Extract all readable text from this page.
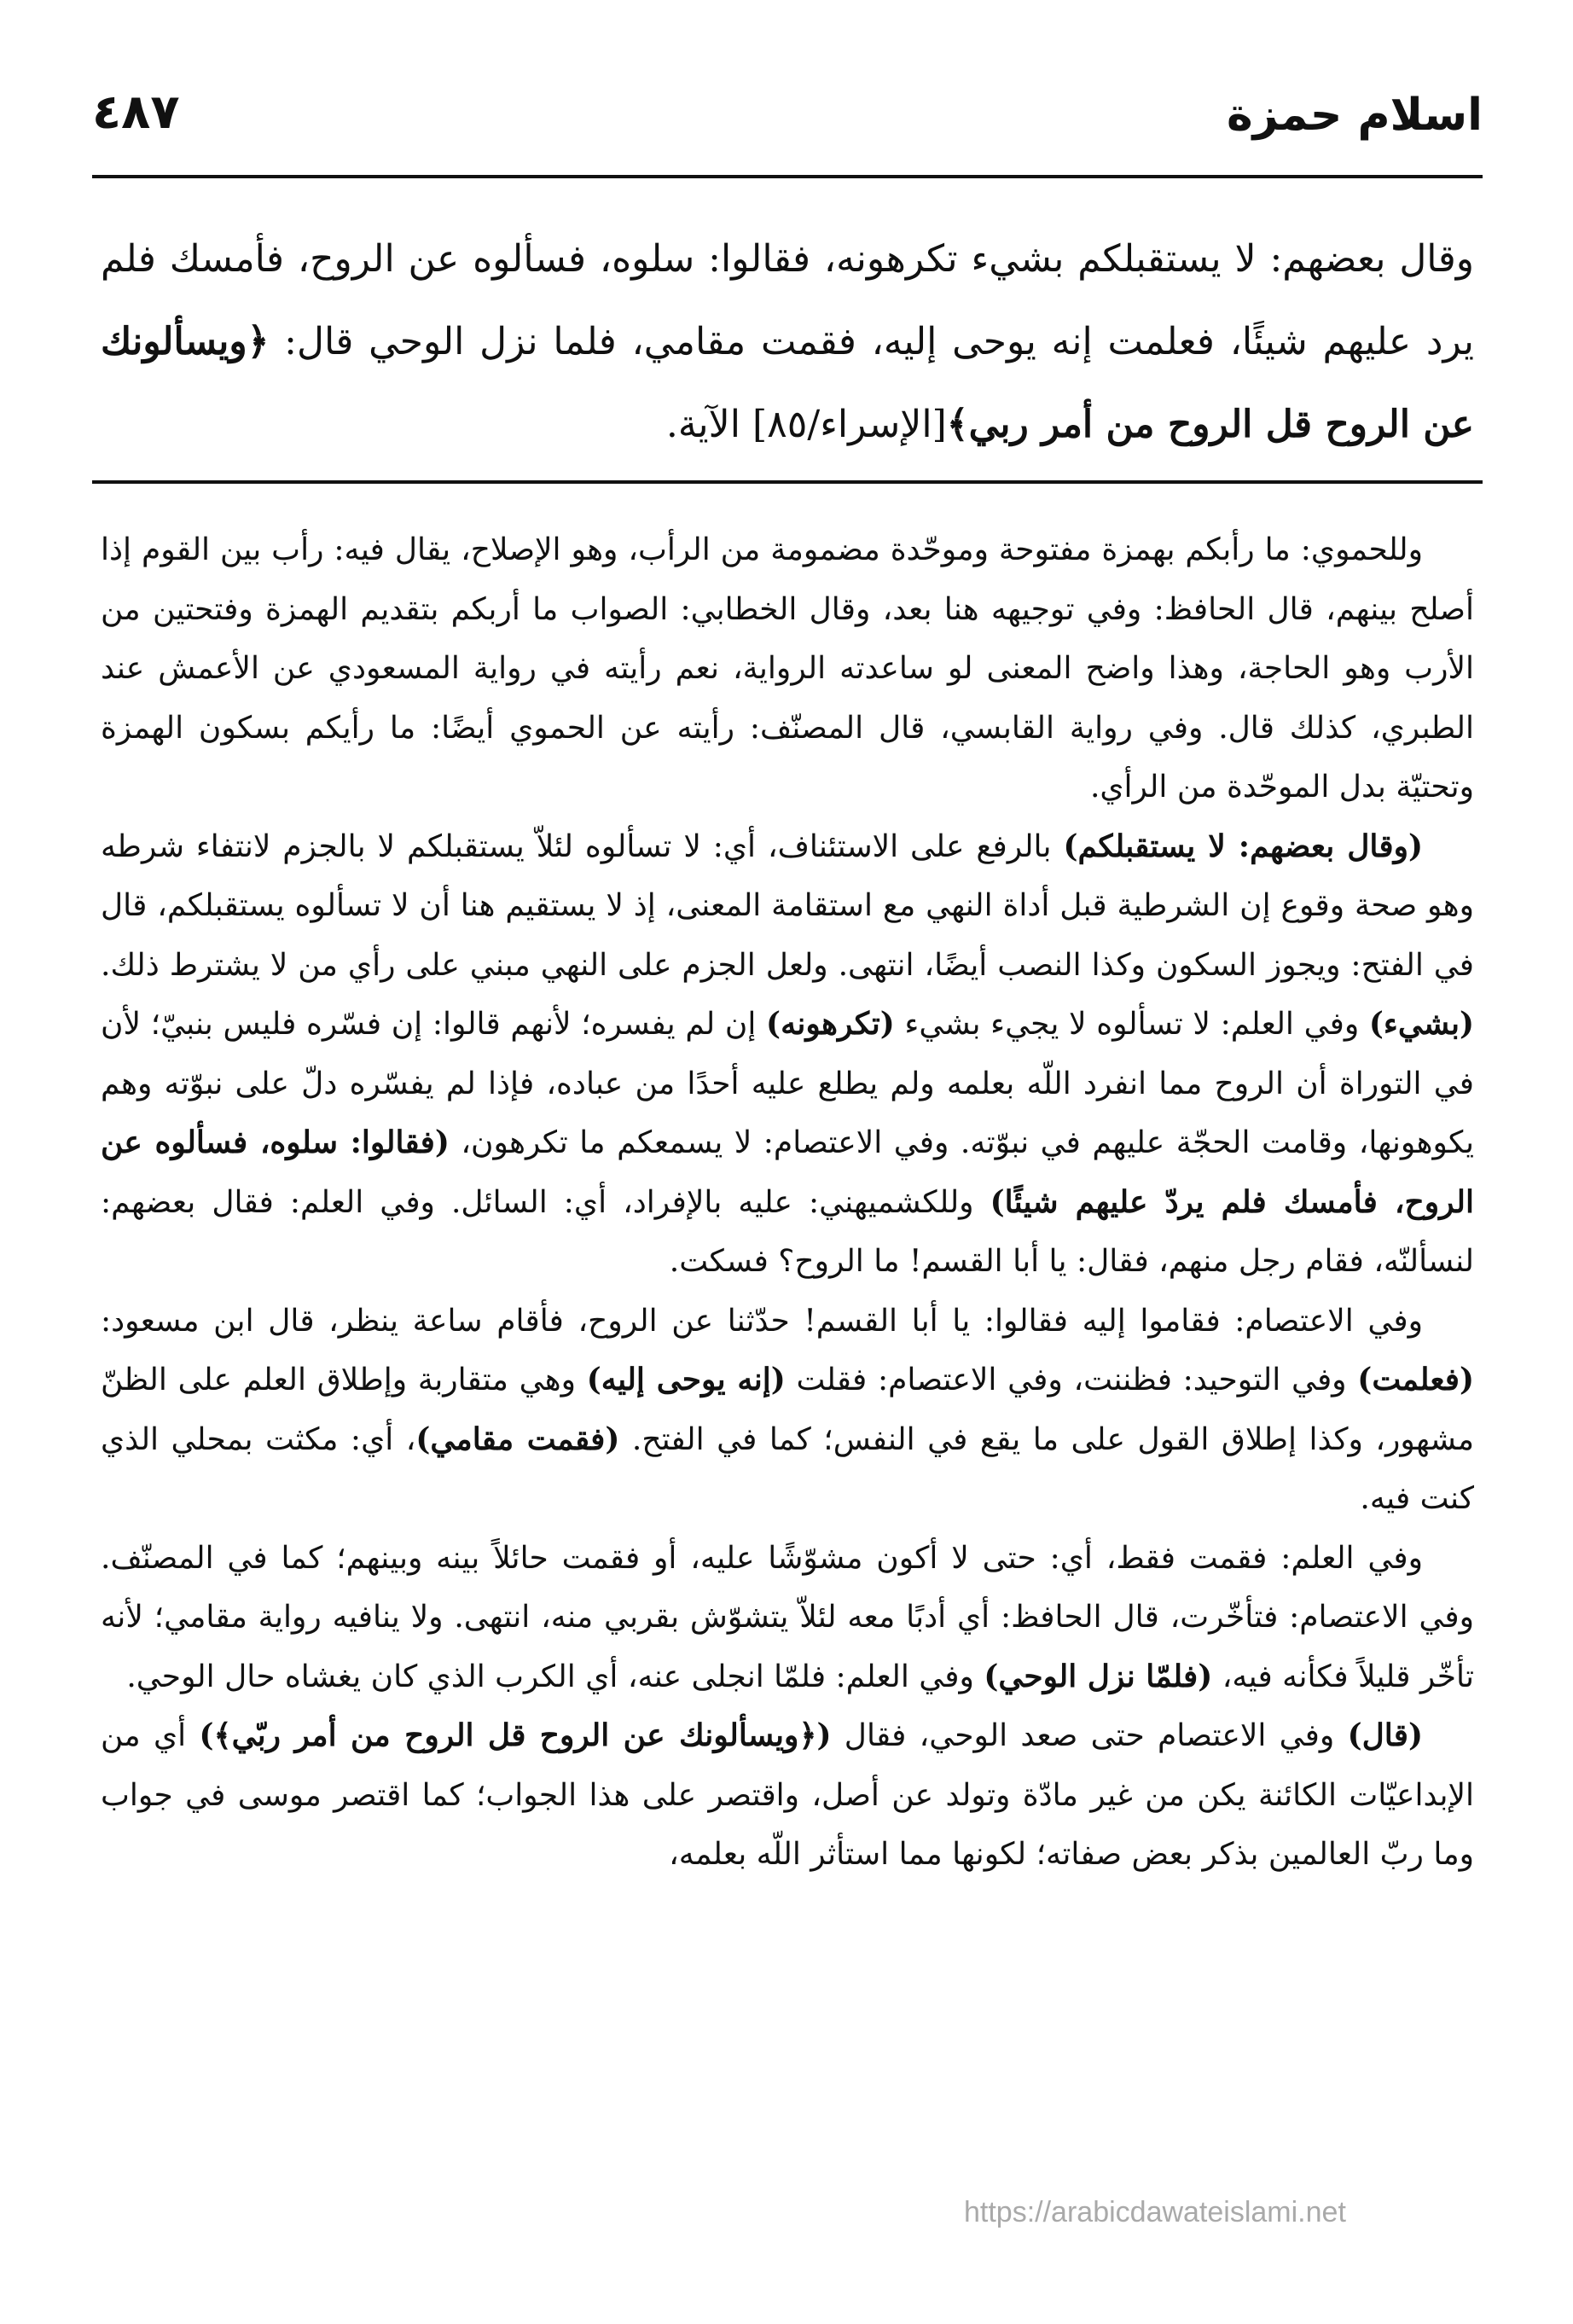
اسلام حمزة
٤٨٧

وقال بعضهم: لا يستقبلكم بشيء تكرهونه، فقالوا: سلوه، فسألوه عن الروح، فأمسك فلم يرد عليهم شيئًا، فعلمت إنه يوحى إليه، فقمت مقامي، فلما نزل الوحي قال: ﴿ويسألونك عن الروح قل الروح من أمر ربي﴾[الإسراء/٨٥] الآية.

وللحموي: ما رأبكم بهمزة مفتوحة وموحّدة مضمومة من الرأب، وهو الإصلاح، يقال فيه: رأب بين القوم إذا أصلح بينهم، قال الحافظ: وفي توجيهه هنا بعد، وقال الخطابي: الصواب ما أربكم بتقديم الهمزة وفتحتين من الأرب وهو الحاجة، وهذا واضح المعنى لو ساعدته الرواية، نعم رأيته في رواية المسعودي عن الأعمش عند الطبري، كذلك قال. وفي رواية القابسي، قال المصنّف: رأيته عن الحموي أيضًا: ما رأيكم بسكون الهمزة وتحتيّة بدل الموحّدة من الرأي.

(وقال بعضهم: لا يستقبلكم) بالرفع على الاستئناف، أي: لا تسألوه لئلاّ يستقبلكم لا بالجزم لانتفاء شرطه وهو صحة وقوع إن الشرطية قبل أداة النهي مع استقامة المعنى، إذ لا يستقيم هنا أن لا تسألوه يستقبلكم، قال في الفتح: ويجوز السكون وكذا النصب أيضًا، انتهى. ولعل الجزم على النهي مبني على رأي من لا يشترط ذلك. (بشيء) وفي العلم: لا تسألوه لا يجيء بشيء (تكرهونه) إن لم يفسره؛ لأنهم قالوا: إن فسّره فليس بنبيّ؛ لأن في التوراة أن الروح مما انفرد اللّه بعلمه ولم يطلع عليه أحدًا من عباده، فإذا لم يفسّره دلّ على نبوّته وهم يكوهونها، وقامت الحجّة عليهم في نبوّته. وفي الاعتصام: لا يسمعكم ما تكرهون، (فقالوا: سلوه، فسألوه عن الروح، فأمسك فلم يردّ عليهم شيئًا) وللكشميهني: عليه بالإفراد، أي: السائل. وفي العلم: فقال بعضهم: لنسألنّه، فقام رجل منهم، فقال: يا أبا القسم! ما الروح؟ فسكت.

وفي الاعتصام: فقاموا إليه فقالوا: يا أبا القسم! حدّثنا عن الروح، فأقام ساعة ينظر، قال ابن مسعود: (فعلمت) وفي التوحيد: فظننت، وفي الاعتصام: فقلت (إنه يوحى إليه) وهي متقاربة وإطلاق العلم على الظنّ مشهور، وكذا إطلاق القول على ما يقع في النفس؛ كما في الفتح. (فقمت مقامي)، أي: مكثت بمحلي الذي كنت فيه.

وفي العلم: فقمت فقط، أي: حتى لا أكون مشوّشًا عليه، أو فقمت حائلاً بينه وبينهم؛ كما في المصنّف. وفي الاعتصام: فتأخّرت، قال الحافظ: أي أدبًا معه لئلاّ يتشوّش بقربي منه، انتهى. ولا ينافيه رواية مقامي؛ لأنه تأخّر قليلاً فكأنه فيه، (فلمّا نزل الوحي) وفي العلم: فلمّا انجلى عنه، أي الكرب الذي كان يغشاه حال الوحي.

(قال) وفي الاعتصام حتى صعد الوحي، فقال (﴿ويسألونك عن الروح قل الروح من أمر ربّي﴾) أي من الإبداعيّات الكائنة يكن من غير مادّة وتولد عن أصل، واقتصر على هذا الجواب؛ كما اقتصر موسى في جواب وما ربّ العالمين بذكر بعض صفاته؛ لكونها مما استأثر اللّه بعلمه،

https://arabicdawateislami.net
